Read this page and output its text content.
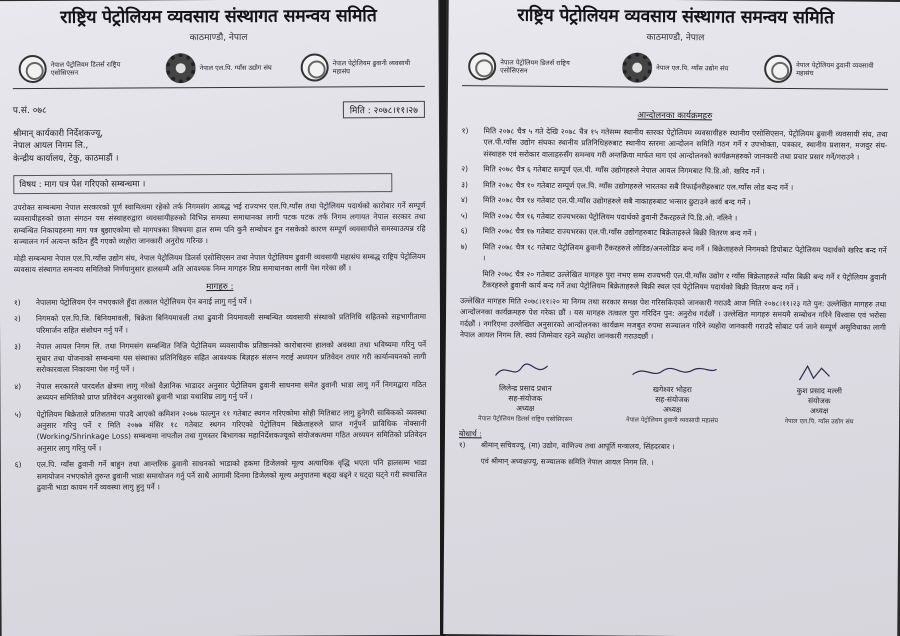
राष्ट्रिय पेट्रोलियम व्यवसाय संस्थागत समन्वय समिति
काठमाण्डौ, नेपाल
नेपाल पेट्रोलियम डिलर्स राष्ट्रिय एसोसिएसन
नेपाल एल.पि. ग्याँस उद्योग संघ
नेपाल पेट्रोलियम ढुवानी व्यवसायी महासंघ
प.सं. ०७८	मिति : २०७८।११।२७
श्रीमान् कार्यकारी निर्देशकज्यू,
नेपाल आयल निगम लि.,
केन्द्रीय कार्यालय, टेकु, काठमाडौं ।
विषय : माग पत्र पेश गरिएको सम्बन्धमा ।

उपरोक्त सम्बन्धमा नेपाल सरकारको पूर्ण स्वामित्वमा रहेको तर्फ निगमसंग आबद्ध भई राज्यभर एल.पि.ग्याँस तथा पेट्रोलियम पदार्थको कारोबार गर्ने सम्पूर्ण व्यवसायीहरुको छाता संगठन यस संस्थाहरुद्वारा व्यवसायीहरुको विभिन्न समस्या समाधानका लागी पटक पटक तर्फ निगम लगायत नेपाल सरकार तथा सम्बन्धित निकायहरुमा माग पत्र बुझाएकोमा सो मागपत्रका विषयमा हाल सम्म पनि कुनै सम्बोधन हुन नसकेको कारण सम्पूर्ण व्यवसायीले समस्याउत्पन्न रहि सञ्चालन गर्न अत्यन्त कठिन हुँदै गएको व्यहोरा जानकारी अनुरोध गरिन्छ ।

मोही सम्बन्धमा नेपाल एल.पि.ग्याँस उद्योग संघ, नेपाल पेट्रोलियम डिलर्स एसोसिएसन तथा नेपाल पेट्रोलियम ढुवानी व्यवसायी महासंघ सम्बद्ध राष्ट्रिय पेट्रोलियम व्यवसाय संस्थागत समन्वय समितिको निर्णयानुसार हालसम्मै अति आवश्यक निम्न मागहरु शिघ्र समाधानका लागी पेश गरेका छौं ।

मागहरु :
१)	नेपालमा पेट्रोलियम ऐन नभएकाले हुँदा तत्काल पेट्रोलियम ऐन बनाई लागु गर्नु पर्ने ।
२)	निगमको एल.पि.जि. बिनियमावली, बिक्रेता बिनियमावली तथा ढुवानी नियमावली सम्बन्धित व्यवसायी संस्थाको प्रतिनिधि सहितको सहभागीतामा परिमार्जन सहित संशोधन गर्नु पर्ने ।
३)	नेपाल आयल निगम लि. तथा निगमसंग सम्बन्धित निजि पेट्रोलियम व्यवसायीक प्रतिष्ठानको कारोबारमा हालको अवस्था तथा भविष्यमा गरिनु पर्ने सुधार तथा योजनाको सम्बन्धमा यस संस्थाका प्रतिनिधिहरु सहित आवश्यक बिज्ञहरु संलग्न गराई अध्ययन प्रतिवेदन तयार गरी कार्यान्वयनको लागी सरोकारवाला निकायमा पेश गर्नु पर्ने ।
४)	नेपाल सरकारले पारदर्शत क्षेत्रमा लागु गरेको वैज्ञानिक भाडादर अनुसार पेट्रोलियम ढुवानी साधनमा समेत ढुवानी भाडा लागु गर्ने निगमद्वारा गठित अध्ययन समितिको प्राप्त प्रतिवेदन अनुसारको ढुवानी भाडा यथाशिघ्र लागु गर्नु पर्ने ।
५)	पेट्रोलियम बिक्रेताले प्रतिशतमा पाउदै आएको कमिशन २०७७ फाल्गुन ११ गतेबाट स्थगन गरिएकोमा सोही मितिबाट लागु हुनेगरी साबिकको व्यवस्था अनुसार गरिनु पर्ने र मिति २०७७ मंसिर १८ गतेबाट स्थगन गरिएको पेट्रोलियम बिक्रेताहरुले प्राप्त गर्नुपर्ने प्राविधिक नोक्सानी (Working/Shrinkage Loss) सम्बन्धमा नापतौल तथा गुणस्तर बिभागका महानिर्देशकज्यूको संयोजकत्वमा गठित अध्ययन समितिको प्रतिवेदन अनुसार लागु गरिनु पर्ने ।
६)	एल.पि. ग्याँस ढुवानी गर्ने बाहुन तथा आन्तरिक ढुवानी साधनको भाडाको हकमा डिजेलको मूल्य अत्याधिक वृद्धि भएता पनि हालसम्म भाडा समायोजन नभएकोले तुरुन्त ढुवानी भाडा समायोजन गर्नु पर्ने साथै आगामी दिनमा डिजेलको मूल्य अनुपातमा बढ्दा बढ्ने र घट्दा घट्ने गरी स्वचालित ढुवानी भाडा कायम गर्ने व्यवस्था लागु हुनु पर्ने ।
राष्ट्रिय पेट्रोलियम व्यवसाय संस्थागत समन्वय समिति
काठमाण्डौ, नेपाल
नेपाल पेट्रोलियम डिलर्स राष्ट्रिय एसोसिएसन	नेपाल एल.पि. ग्याँस उद्योग संघ	नेपाल पेट्रोलियम ढुवानी व्यवसायी महासंघ
आन्दोलनका कार्यक्रमहरु
१)	मिति २०७८ चैत्र ५ गते देखि २०७८ चैत्र १५ गतेसम्म स्थानीय स्तरका पेट्रोलियम व्यवसायीहरु स्थानीय एसोसिएसन, पेट्रोलियम ढुवानी व्यवसायी संघ, तथा एल.पी.ग्याँस उद्योग संघका स्थानीय प्रतिनिधिहरुबाट स्थानीय स्तरमा आन्दोलन समिति गठन गर्ने र उपभोक्ता, पत्रकार, स्थानीय प्रशासन, मजदुर संघ-संस्थाहरु एवं सरोकार वालाहरुसँग समन्वय गरी अन्तक्रिया मार्फत माग एवं आन्दोलनको कार्यक्रमहरुको जानकारी तथा प्रचार प्रसार गर्ने/गराउने ।
२)	मिति २०७८ चैत्र ६ गतेबाट सम्पूर्ण एल.पी. ग्याँस उद्योगहरुले नेपाल आयल निगमबाट पि.डि.ओ. खरिद गर्ने ।
३)	मिति २०७८ चैत्र १० गतेबाट सम्पूर्ण एल.पि. ग्याँस उद्योगहरुले भारतका सबै रिफाईनरीहरुबाट एल.ग्याँस लोड बन्द गर्ने ।
४)	मिति २०७८ चैत्र १४ गतेबाट एल.पी.ग्याँस उद्योगहरुले सबै नाकाहरुबाट भन्सार छुटाउने कार्य बन्द गर्ने ।
५)	मिति २०७८ चैत्र १६ गतेबाट राज्यभरका पेट्रोलियम पदार्थको ढुवानी टैंकरहरुले पि.डि.ओ. नलिने ।
६)	मिति २०७८ चैत्र १७ गतेबाट राज्यभरका एल.पी.ग्याँस उद्योगहरुबाट बिक्रेताहरुले बिक्री वितरण बन्द गर्ने ।
७)	मिति २०७८ चैत्र १८ गतेबाट पेट्रोलियम ढुवानी टैंकरहरुले लोडिङ/अनलोडिङ बन्द गर्ने । बिक्रेताहरुले निगमको डिपोबाट पेट्रोलियम पदार्थको खरिद बन्द गर्ने ।
मिति २०७८ चैत्र २० गतेबाट उल्लेखित मागहरु पुरा नभए सम्म राज्यभरी एल.पी.ग्याँस उद्योग र ग्याँस बिक्रेताहरुले ग्याँस बिक्री बन्द गर्ने र पेट्रोलियम ढुवानी टैंकरहरुले ढुवानी कार्य बन्द गर्ने तथा पेट्रोलियम बिक्रेताहरुले बिक्री स्थल एवं पेट्रोलियम पदार्थको बिक्री वितरण बन्द गर्ने ।

उल्लेखित मागहरु मिति २०७८।११।२० मा निगम तथा सरकार समक्ष पेश गरिसकिएको जानकारी गराउदै आज मिति २०७८।११।२३ गते पुन: उल्लेखित मागहरु तथा आन्दोलनका कार्यक्रमहरु पेश गरेका छौं । यस मागहरु तत्काल पुरा गरिदिन पुन: अनुरोध गर्दछौं । उल्लेखित मागहरु समयमै सम्बोधन गरिने विश्वास एवं भरोसा गर्दछौं । नगरिएमा उल्लेखित अनुसारको आन्दोलनका कार्यक्रम मजबुत रुपमा सञ्चालन गरिने व्यहोरा जानकारी गराउदै सोबाट पर्न जाने सम्पूर्ण असुविधाका लागी नेपाल आयल निगम लि. स्वयं जिम्मेवार रहने व्यहोरा जानकारी गराउदछौं ।

लिलेन्द्र प्रसाद प्रधान
सह-संयोजक
अध्यक्ष
नेपाल पेट्रोलियम डिलर्स राष्ट्रिय एसोसिएसन
खगेश्वर भोहरा
सह-संयोजक
अध्यक्ष
नेपाल पेट्रोलियम ढुवानी व्यवसायी महासंघ
कुश प्रसाद मल्ली
संयोजक
अध्यक्ष
नेपाल एल.पि. ग्याँस उद्योग संघ
बोधार्थ :
१)	श्रीमान् सचिवज्यू, (मा) उद्योग, वाणिज्य तथा आपूर्ति मन्त्रालय, सिंहदरबार ।
एवं श्रीमान् अध्यक्षज्यू, सञ्चालक समिति नेपाल आयल निगम लि. ।
